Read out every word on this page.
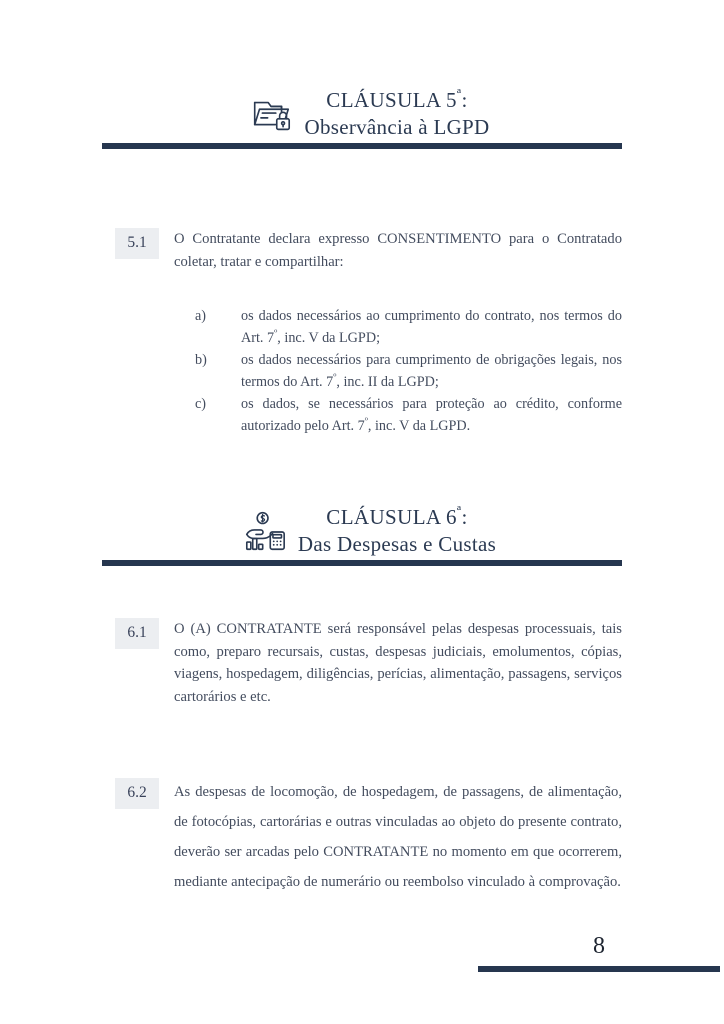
CLÁUSULA $5^ª$:
Observância à LGPD
5.1	O Contratante declara expresso CONSENTIMENTO para o Contratado coletar, tratar e compartilhar:
a)	os dados necessários ao cumprimento do contrato, nos termos do Art. $7^º$, inc. V da LGPD;
b)	os dados necessários para cumprimento de obrigações legais, nos termos do Art. $7^º$, inc. II da LGPD;
c)	os dados, se necessários para proteção ao crédito, conforme autorizado pelo Art. $7^º$, inc. V da LGPD.
CLÁUSULA $6^ª$:
Das Despesas e Custas
6.1	O (A) CONTRATANTE será responsável pelas despesas processuais, tais como, preparo recursais, custas, despesas judiciais, emolumentos, cópias, viagens, hospedagem, diligências, perícias, alimentação, passagens, serviços cartorários e etc.
6.2	As despesas de locomoção, de hospedagem, de passagens, de alimentação, de fotocópias, cartorárias e outras vinculadas ao objeto do presente contrato, deverão ser arcadas pelo CONTRATANTE no momento em que ocorrerem, mediante antecipação de numerário ou reembolso vinculado à comprovação.
8
